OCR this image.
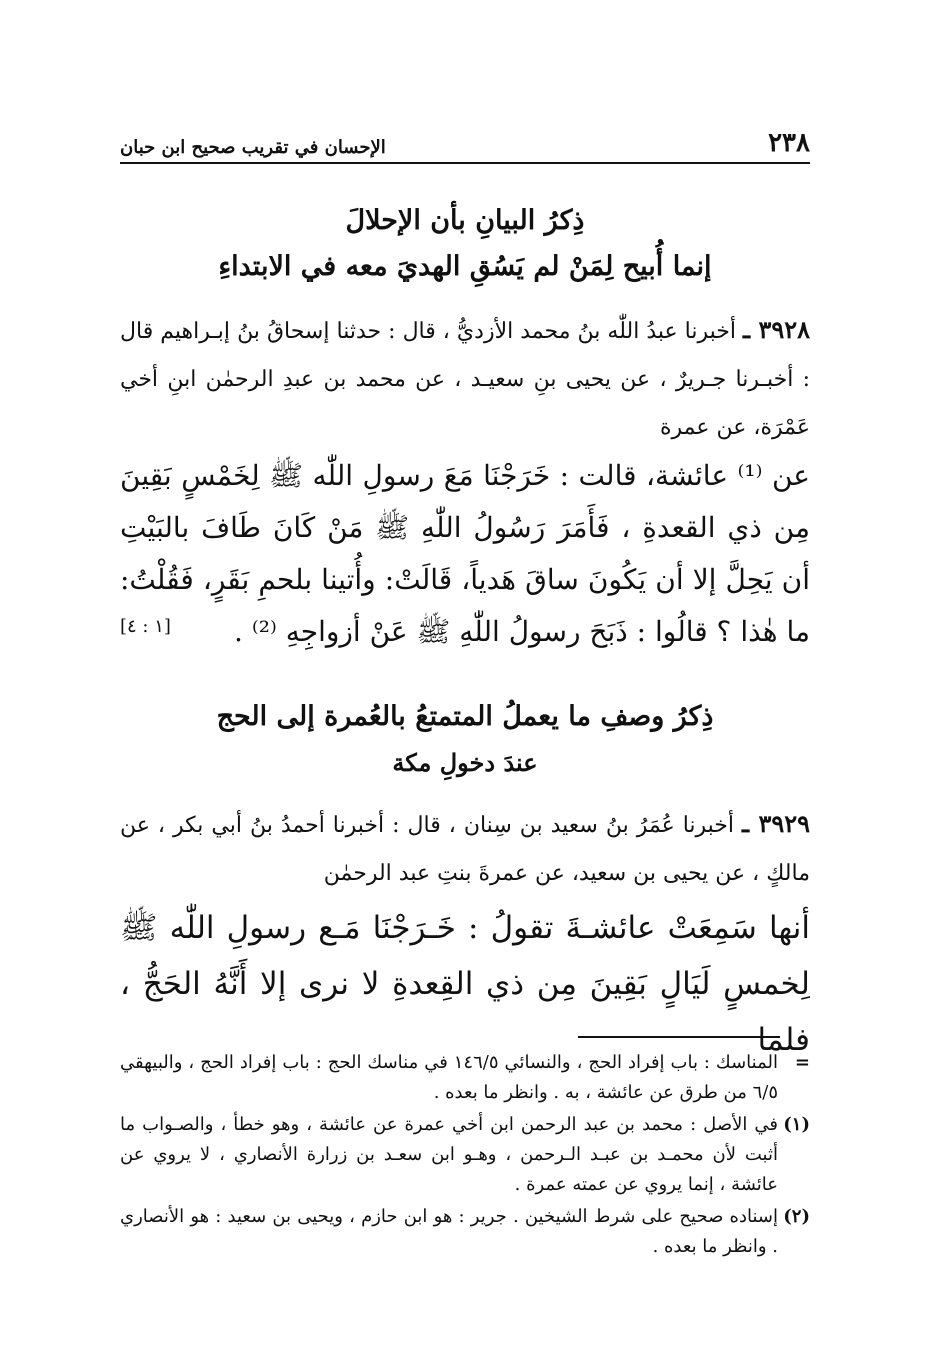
٢٣٨
الإحسان في تقريب صحيح ابن حبان
ذِكرُ البيانِ بأن الإحلالَ
إنما أُبيح لِمَنْ لم يَسُقِ الهديَ معه في الابتداءِ
٣٩٢٨ ـ أخبرنا عبدُ اللّٰه بنُ محمد الأزديُّ ، قال : حدثنا إسحاقُ بنُ إبـراهيم قال : أخبـرنا جـريرٌ ، عن يحيى بنِ سعيـد ، عن محمد بن عبدِ الرحمٰن ابنِ أخي عَمْرَة، عن عمرة
عن ⁽¹⁾ عائشة، قالت : خَرَجْنَا مَعَ رسولِ اللّٰه ﷺ لِخَمْسٍ بَقِينَ مِن ذي القعدةِ ، فَأَمَرَ رَسُولُ اللّٰهِ ﷺ مَنْ كَانَ طَافَ بالبَيْتِ أن يَحِلَّ إلا أن يَكُونَ ساقَ هَدياً، قَالَتْ: وأُتينا بلحمِ بَقَرٍ، فَقُلْتُ: ما هٰذا ؟ قالُوا : ذَبَحَ رسولُ اللّٰهِ ﷺ عَنْ أزواجِهِ ⁽²⁾ .
[١ : ٤]
ذِكرُ وصفِ ما يعملُ المتمتعُ بالعُمرة إلى الحج
عندَ دخولِ مكة
٣٩٢٩ ـ أخبرنا عُمَرُ بنُ سعيد بن سِنان ، قال : أخبرنا أحمدُ بنُ أبي بكر ، عن مالكٍ ، عن يحيى بن سعيد، عن عمرةَ بنتِ عبد الرحمٰن
أنها سَمِعَتْ عائشـةَ تقولُ : خَـرَجْنَا مَـع رسولِ اللّٰه ﷺ لِخمسٍ لَيَالٍ بَقِينَ مِن ذي القِعدةِ لا نرى إلا أَنَّهُ الحَجُّ ، فلما
=
المناسك : باب إفراد الحج ، والنسائي ١٤٦/٥ في مناسك الحج : باب إفراد الحج ، والبيهقي ٦/٥ من طرق عن عائشة ، به . وانظر ما بعده .
(١)
في الأصل : محمد بن عبد الرحمن ابن أخي عمرة عن عائشة ، وهو خطأ ، والصـواب ما أثبت لأن محمـد بن عبـد الـرحمن ، وهـو ابن سعـد بن زرارة الأنصاري ، لا يروي عن عائشة ، إنما يروي عن عمته عمرة .
(٢)
إسناده صحيح على شرط الشيخين . جرير : هو ابن حازم ، ويحيى بن سعيد : هو الأنصاري . وانظر ما بعده .
